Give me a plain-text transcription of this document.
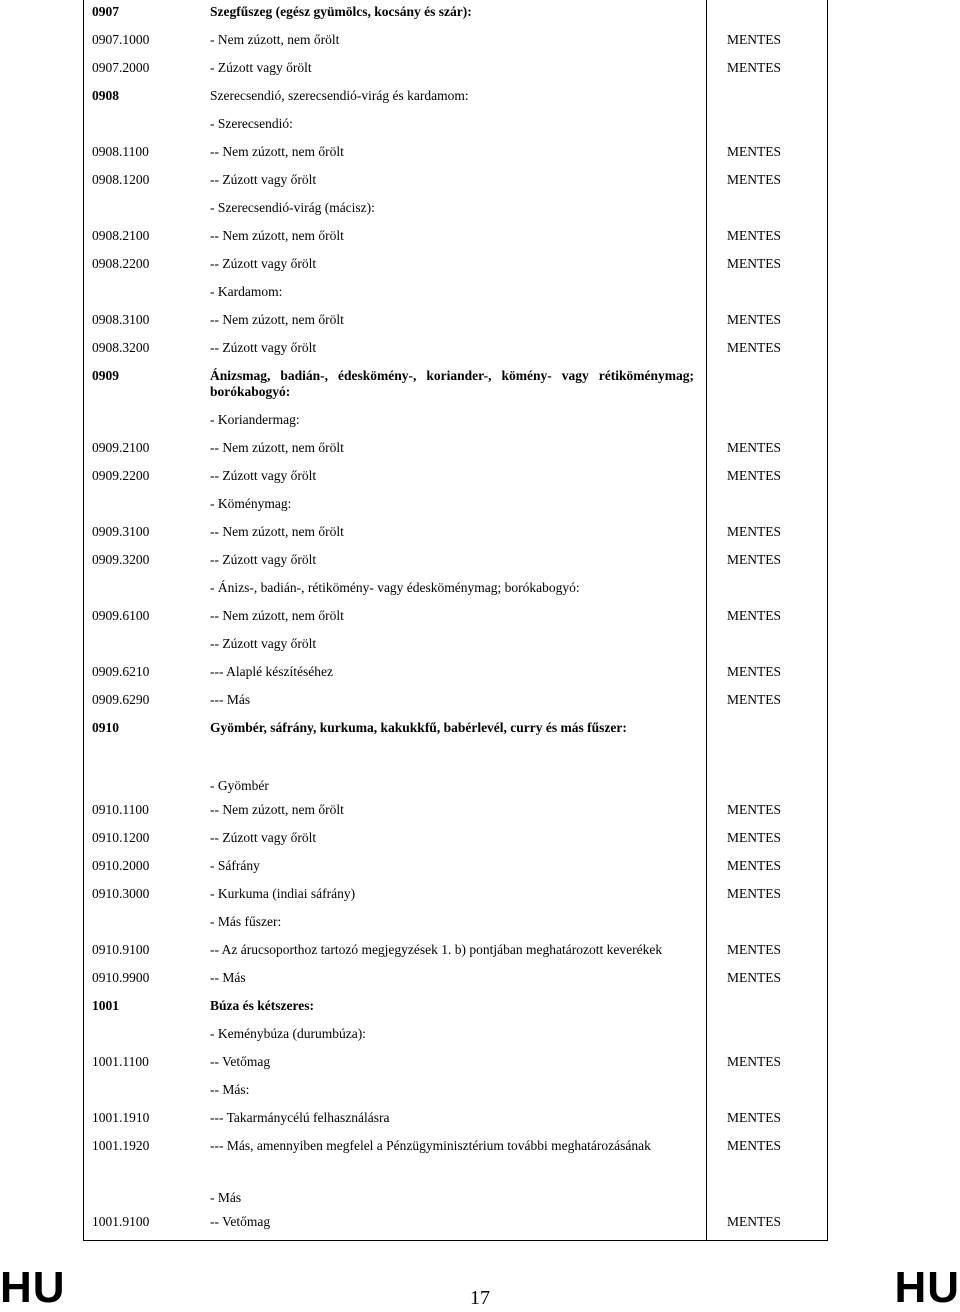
0907	Szegfűszeg (egész gyümölcs, kocsány és szár):	
0907.1000	- Nem zúzott, nem őrölt	MENTES
0907.2000	- Zúzott vagy őrölt	MENTES
0908	Szerecsendió, szerecsendió-virág és kardamom:	
	- Szerecsendió:	
0908.1100	-- Nem zúzott, nem őrölt	MENTES
0908.1200	-- Zúzott vagy őrölt	MENTES
	- Szerecsendió-virág (mácisz):	
0908.2100	-- Nem zúzott, nem őrölt	MENTES
0908.2200	-- Zúzott vagy őrölt	MENTES
	- Kardamom:	
0908.3100	-- Nem zúzott, nem őrölt	MENTES
0908.3200	-- Zúzott vagy őrölt	MENTES
0909	Ánizsmag, badián-, édeskömény-, koriander-, kömény- vagy rétiköménymag; borókabogyó:	
	- Koriandermag:	
0909.2100	-- Nem zúzott, nem őrölt	MENTES
0909.2200	-- Zúzott vagy őrölt	MENTES
	- Köménymag:	
0909.3100	-- Nem zúzott, nem őrölt	MENTES
0909.3200	-- Zúzott vagy őrölt	MENTES
	- Ánizs-, badián-, rétikömény- vagy édesköménymag; borókabogyó:	
0909.6100	-- Nem zúzott, nem őrölt	MENTES
	-- Zúzott vagy őrölt	
0909.6210	--- Alaplé készítéséhez	MENTES
0909.6290	--- Más	MENTES
0910	Gyömbér, sáfrány, kurkuma, kakukkfű, babérlevél, curry és más fűszer:	
	- Gyömbér	
0910.1100	-- Nem zúzott, nem őrölt	MENTES
0910.1200	-- Zúzott vagy őrölt	MENTES
0910.2000	- Sáfrány	MENTES
0910.3000	- Kurkuma (indiai sáfrány)	MENTES
	- Más fűszer:	
0910.9100	-- Az árucsoporthoz tartozó megjegyzések 1. b) pontjában meghatározott keverékek	MENTES
0910.9900	-- Más	MENTES
1001	Búza és kétszeres:	
	- Keménybúza (durumbúza):	
1001.1100	-- Vetőmag	MENTES
	-- Más:	
1001.1910	--- Takarmánycélú felhasználásra	MENTES
1001.1920	--- Más, amennyiben megfelel a Pénzügyminisztérium további meghatározásának	MENTES
	- Más	
1001.9100	-- Vetőmag	MENTES
HU	17	HU
